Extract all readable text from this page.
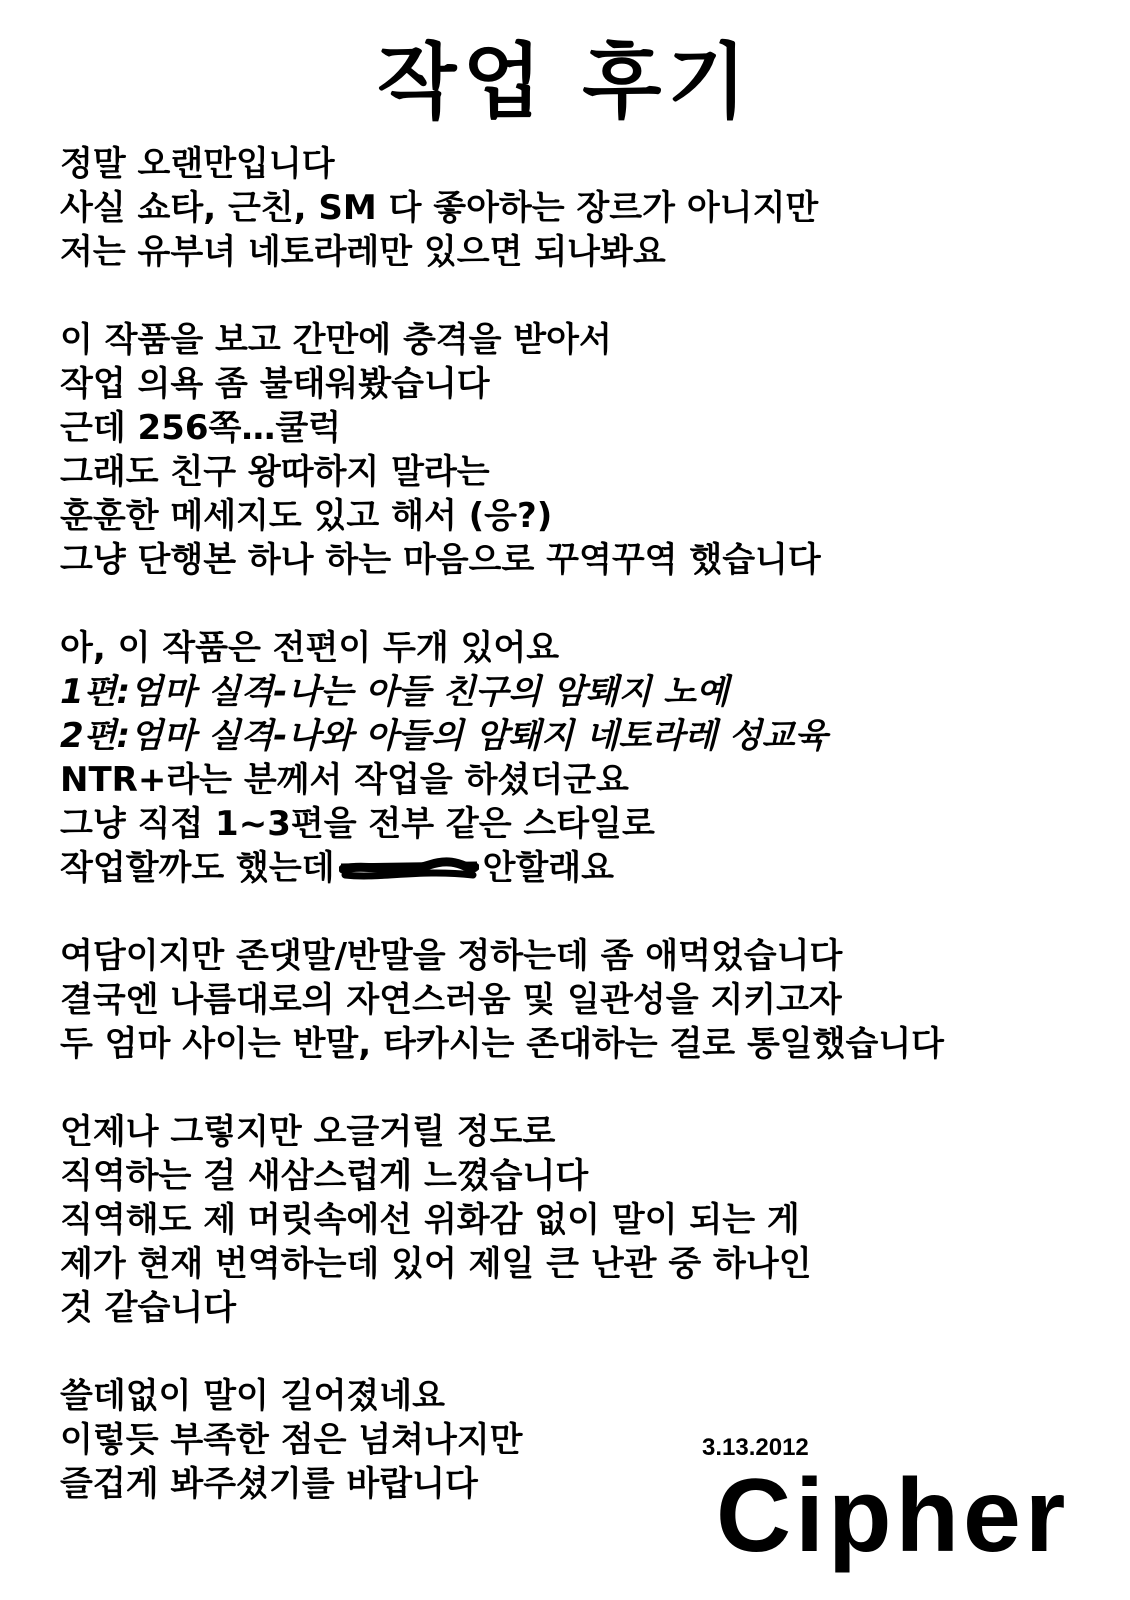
작업 후기
정말 오랜만입니다
사실 쇼타, 근친, SM 다 좋아하는 장르가 아니지만
저는 유부녀 네토라레만 있으면 되나봐요
이 작품을 보고 간만에 충격을 받아서
작업 의욕 좀 불태워봤습니다
근데 256쪽…쿨럭
그래도 친구 왕따하지 말라는
훈훈한 메세지도 있고 해서 (응?)
그냥 단행본 하나 하는 마음으로 꾸역꾸역 했습니다
아, 이 작품은 전편이 두개 있어요
1편:엄마 실격-나는 아들 친구의 암퇘지 노예
2편:엄마 실격-나와 아들의 암퇘지 네토라레 성교육
NTR+라는 분께서 작업을 하셨더군요
그냥 직접 1~3편을 전부 같은 스타일로
작업할까도 했는데	안할래요
여담이지만 존댓말/반말을 정하는데 좀 애먹었습니다
결국엔 나름대로의 자연스러움 및 일관성을 지키고자
두 엄마 사이는 반말, 타카시는 존대하는 걸로 통일했습니다
언제나 그렇지만 오글거릴 정도로
직역하는 걸 새삼스럽게 느꼈습니다
직역해도 제 머릿속에선 위화감 없이 말이 되는 게
제가 현재 번역하는데 있어 제일 큰 난관 중 하나인
것 같습니다
쓸데없이 말이 길어졌네요
이렇듯 부족한 점은 넘쳐나지만
즐겁게 봐주셨기를 바랍니다
3.13.2012
Cipher
